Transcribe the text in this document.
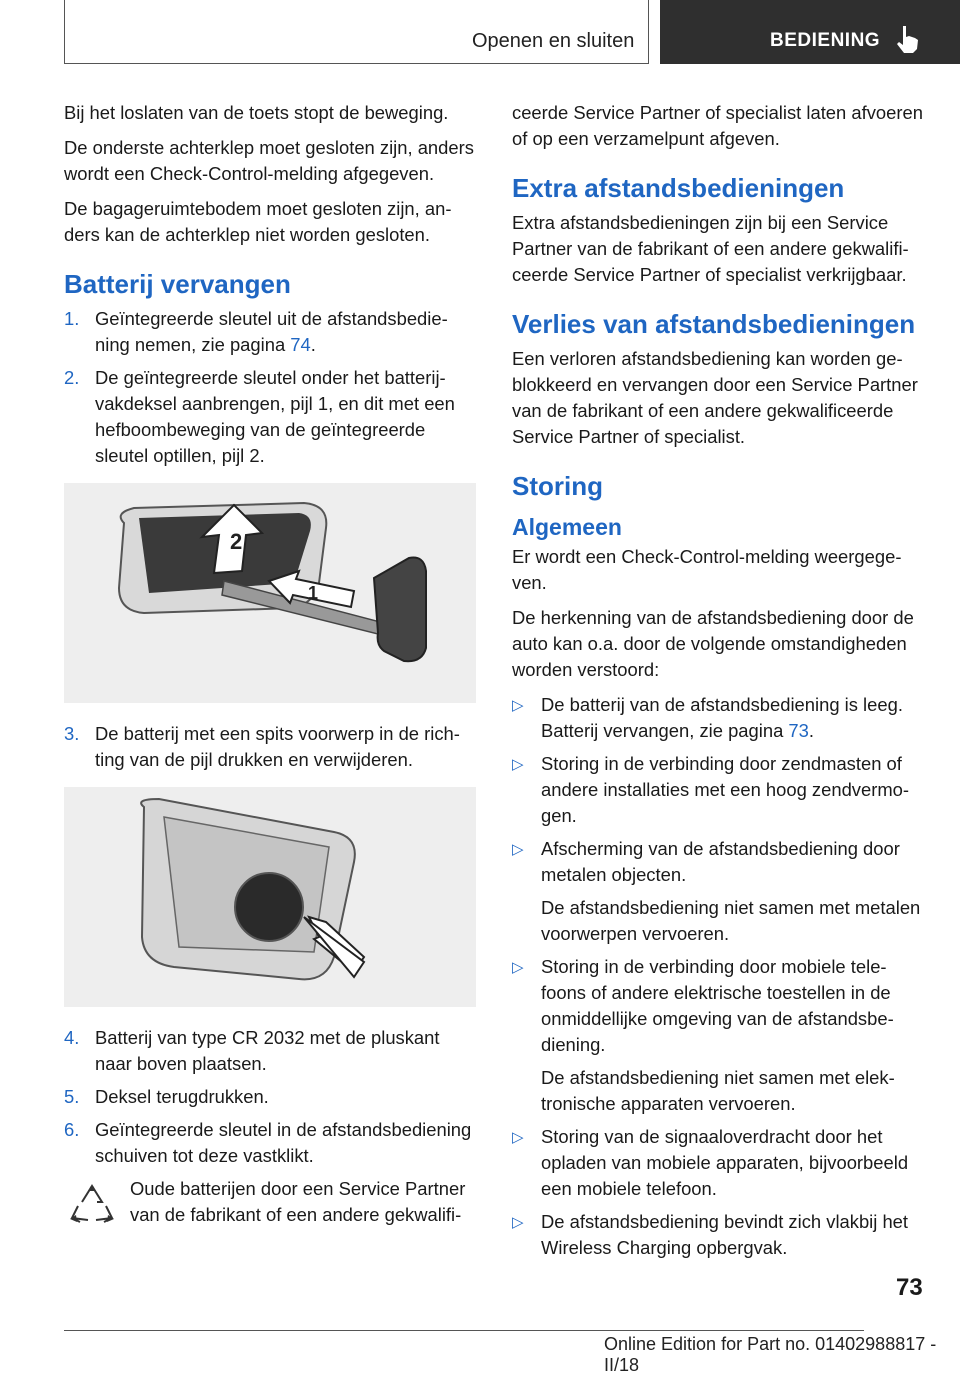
Openen en sluiten	BEDIENING

Bij het loslaten van de toets stopt de beweging.

De onderste achterklep moet gesloten zijn, anders wordt een Check-Control-melding afgegeven.

De bagageruimtebodem moet gesloten zijn, anders kan de achterklep niet worden gesloten.

Batterij vervangen
1. Geïntegreerde sleutel uit de afstandsbediening nemen, zie pagina 74.
2. De geïntegreerde sleutel onder het batterijvakdeksel aanbrengen, pijl 1, en dit met een hefboombeweging van de geïntegreerde sleutel optillen, pijl 2.
2
1
3. De batterij met een spits voorwerp in de richting van de pijl drukken en verwijderen.
4. Batterij van type CR 2032 met de pluskant naar boven plaatsen.
5. Deksel terugdrukken.
6. Geïntegreerde sleutel in de afstandsbediening schuiven tot deze vastklikt.
Oude batterijen door een Service Partner van de fabrikant of een andere gekwalifi-

ceerde Service Partner of specialist laten afvoeren of op een verzamelpunt afgeven.

Extra afstandsbedieningen

Extra afstandsbedieningen zijn bij een Service Partner van de fabrikant of een andere gekwalificeerde Service Partner of specialist verkrijgbaar.

Verlies van afstandsbedieningen

Een verloren afstandsbediening kan worden geblokkeerd en vervangen door een Service Partner van de fabrikant of een andere gekwalificeerde Service Partner of specialist.

Storing
Algemeen

Er wordt een Check-Control-melding weergegeven.

De herkenning van de afstandsbediening door de auto kan o.a. door de volgende omstandigheden worden verstoord:

▷ De batterij van de afstandsbediening is leeg.
Batterij vervangen, zie pagina 73.
▷ Storing in de verbinding door zendmasten of andere installaties met een hoog zendvermogen.
▷ Afscherming van de afstandsbediening door metalen objecten.
De afstandsbediening niet samen met metalen voorwerpen vervoeren.
▷ Storing in de verbinding door mobiele telefoons of andere elektrische toestellen in de onmiddellijke omgeving van de afstandsbediening.
De afstandsbediening niet samen met elektronische apparaten vervoeren.
▷ Storing van de signaaloverdracht door het opladen van mobiele apparaten, bijvoorbeeld een mobiele telefoon.
▷ De afstandsbediening bevindt zich vlakbij het Wireless Charging opbergvak.
73
Online Edition for Part no. 01402988817 - II/18
